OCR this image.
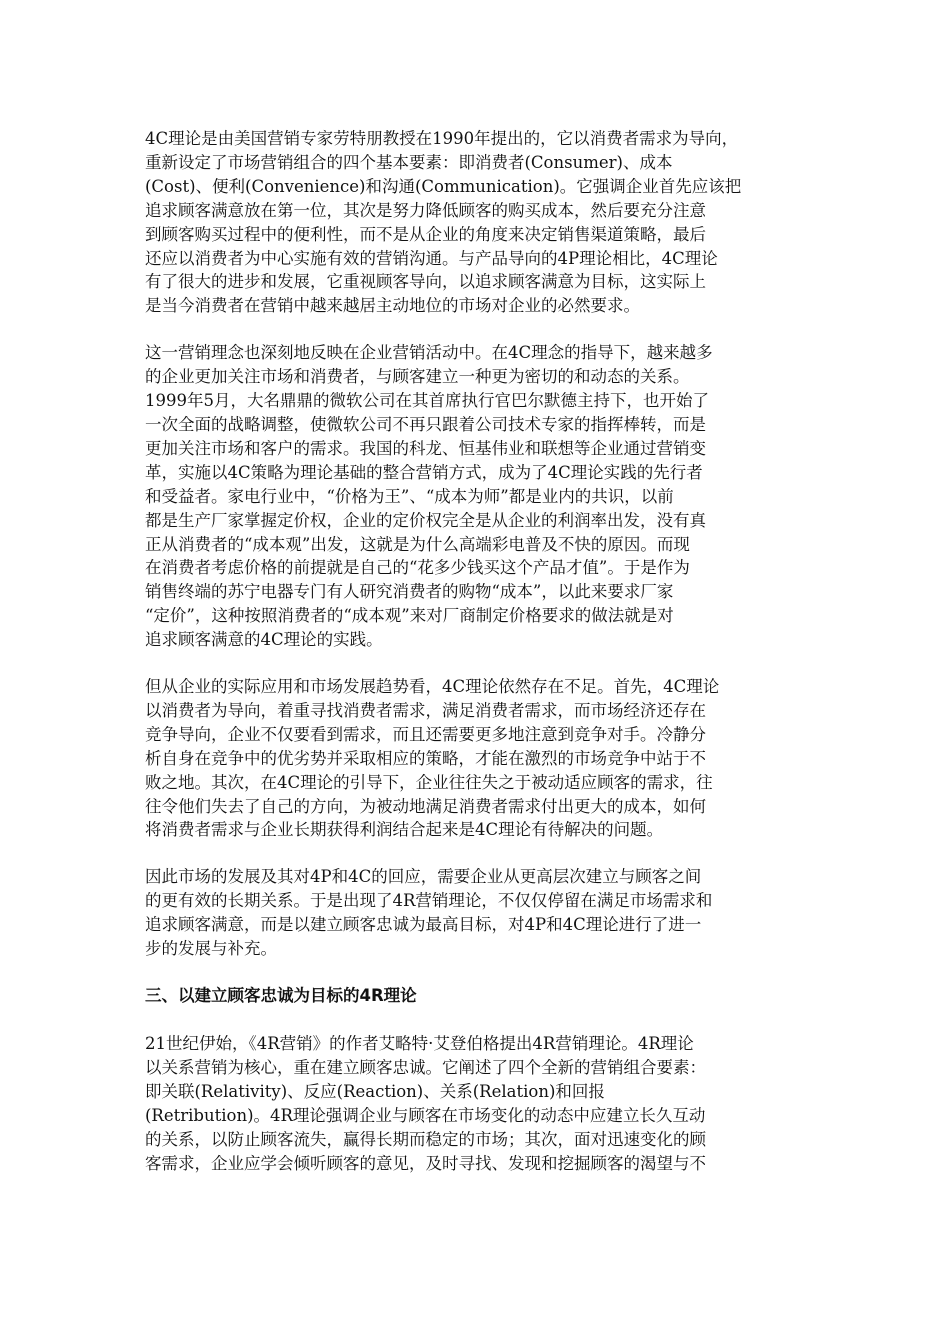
4C理论是由美国营销专家劳特朋教授在1990年提出的，它以消费者需求为导向，
重新设定了市场营销组合的四个基本要素：即消费者(Consumer)、成本
(Cost)、便利(Convenience)和沟通(Communication)。它强调企业首先应该把
追求顾客满意放在第一位，其次是努力降低顾客的购买成本，然后要充分注意
到顾客购买过程中的便利性，而不是从企业的角度来决定销售渠道策略，最后
还应以消费者为中心实施有效的营销沟通。与产品导向的4P理论相比，4C理论
有了很大的进步和发展，它重视顾客导向，以追求顾客满意为目标，这实际上
是当今消费者在营销中越来越居主动地位的市场对企业的必然要求。

这一营销理念也深刻地反映在企业营销活动中。在4C理念的指导下，越来越多
的企业更加关注市场和消费者，与顾客建立一种更为密切的和动态的关系。
1999年5月，大名鼎鼎的微软公司在其首席执行官巴尔默德主持下，也开始了
一次全面的战略调整，使微软公司不再只跟着公司技术专家的指挥棒转，而是
更加关注市场和客户的需求。我国的科龙、恒基伟业和联想等企业通过营销变
革，实施以4C策略为理论基础的整合营销方式，成为了4C理论实践的先行者
和受益者。家电行业中，“价格为王”、“成本为师”都是业内的共识，以前
都是生产厂家掌握定价权，企业的定价权完全是从企业的利润率出发，没有真
正从消费者的“成本观”出发，这就是为什么高端彩电普及不快的原因。而现
在消费者考虑价格的前提就是自己的“花多少钱买这个产品才值”。于是作为
销售终端的苏宁电器专门有人研究消费者的购物“成本”，以此来要求厂家
“定价”，这种按照消费者的“成本观”来对厂商制定价格要求的做法就是对
追求顾客满意的4C理论的实践。

但从企业的实际应用和市场发展趋势看，4C理论依然存在不足。首先，4C理论
以消费者为导向，着重寻找消费者需求，满足消费者需求，而市场经济还存在
竞争导向，企业不仅要看到需求，而且还需要更多地注意到竞争对手。冷静分
析自身在竞争中的优劣势并采取相应的策略，才能在激烈的市场竞争中站于不
败之地。其次，在4C理论的引导下，企业往往失之于被动适应顾客的需求，往
往令他们失去了自己的方向，为被动地满足消费者需求付出更大的成本，如何
将消费者需求与企业长期获得利润结合起来是4C理论有待解决的问题。

因此市场的发展及其对4P和4C的回应，需要企业从更高层次建立与顾客之间
的更有效的长期关系。于是出现了4R营销理论，不仅仅停留在满足市场需求和
追求顾客满意，而是以建立顾客忠诚为最高目标，对4P和4C理论进行了进一
步的发展与补充。

三、以建立顾客忠诚为目标的4R理论

21世纪伊始，《4R营销》的作者艾略特·艾登伯格提出4R营销理论。4R理论
以关系营销为核心，重在建立顾客忠诚。它阐述了四个全新的营销组合要素：
即关联(Relativity)、反应(Reaction)、关系(Relation)和回报
(Retribution)。4R理论强调企业与顾客在市场变化的动态中应建立长久互动
的关系，以防止顾客流失，赢得长期而稳定的市场；其次，面对迅速变化的顾
客需求，企业应学会倾听顾客的意见，及时寻找、发现和挖掘顾客的渴望与不
